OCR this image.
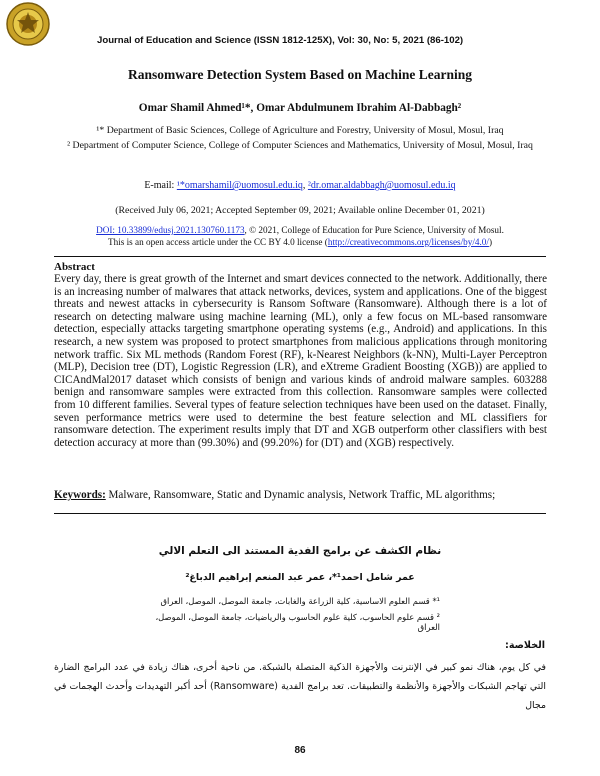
Journal of Education and Science (ISSN 1812-125X), Vol: 30, No: 5, 2021 (86-102)
Ransomware Detection System Based on Machine Learning
Omar Shamil Ahmed¹*, Omar Abdulmunem Ibrahim Al-Dabbagh²
¹* Department of Basic Sciences, College of Agriculture and Forestry, University of Mosul, Mosul, Iraq
² Department of Computer Science, College of Computer Sciences and Mathematics, University of Mosul, Mosul, Iraq
E-mail: ¹*omarshamil@uomosul.edu.iq, ²dr.omar.aldabbagh@uomosul.edu.iq
(Received July 06, 2021; Accepted September 09, 2021; Available online December 01, 2021)
DOI: 10.33899/edusj.2021.130760.1173, © 2021, College of Education for Pure Science, University of Mosul.
This is an open access article under the CC BY 4.0 license (http://creativecommons.org/licenses/by/4.0/)
Abstract
Every day, there is great growth of the Internet and smart devices connected to the network. Additionally, there is an increasing number of malwares that attack networks, devices, system and applications. One of the biggest threats and newest attacks in cybersecurity is Ransom Software (Ransomware). Although there is a lot of research on detecting malware using machine learning (ML), only a few focus on ML-based ransomware detection, especially attacks targeting smartphone operating systems (e.g., Android) and applications. In this research, a new system was proposed to protect smartphones from malicious applications through monitoring network traffic. Six ML methods (Random Forest (RF), k-Nearest Neighbors (k-NN), Multi-Layer Perceptron (MLP), Decision tree (DT), Logistic Regression (LR), and eXtreme Gradient Boosting (XGB)) are applied to CICAndMal2017 dataset which consists of benign and various kinds of android malware samples. 603288 benign and ransomware samples were extracted from this collection. Ransomware samples were collected from 10 different families. Several types of feature selection techniques have been used on the dataset. Finally, seven performance metrics were used to determine the best feature selection and ML classifiers for ransomware detection. The experiment results imply that DT and XGB outperform other classifiers with best detection accuracy at more than (99.30%) and (99.20%) for (DT) and (XGB) respectively.
Keywords: Malware, Ransomware, Static and Dynamic analysis, Network Traffic, ML algorithms;
نظام الكشف عن برامج الفدية المستند الى التعلم الالي
عمر شامل احمد¹*، عمر عبد المنعم إبراهيم الدباغ²
¹* قسم العلوم الاساسية، كلية الزراعة والغابات، جامعة الموصل، الموصل، العراق
² قسم علوم الحاسوب، كلية علوم الحاسوب والرياضيات، جامعة الموصل، الموصل، العراق
الخلاصة:
في كل يوم، هناك نمو كبير في الإنترنت والأجهزة الذكية المتصلة بالشبكة. من ناحية أخرى، هناك زيادة في عدد البرامج الضارة التي تهاجم الشبكات والأجهزة والأنظمة والتطبيقات. تعد برامج الفدية (Ransomware) أحد أكبر التهديدات وأحدث الهجمات في مجال
86
